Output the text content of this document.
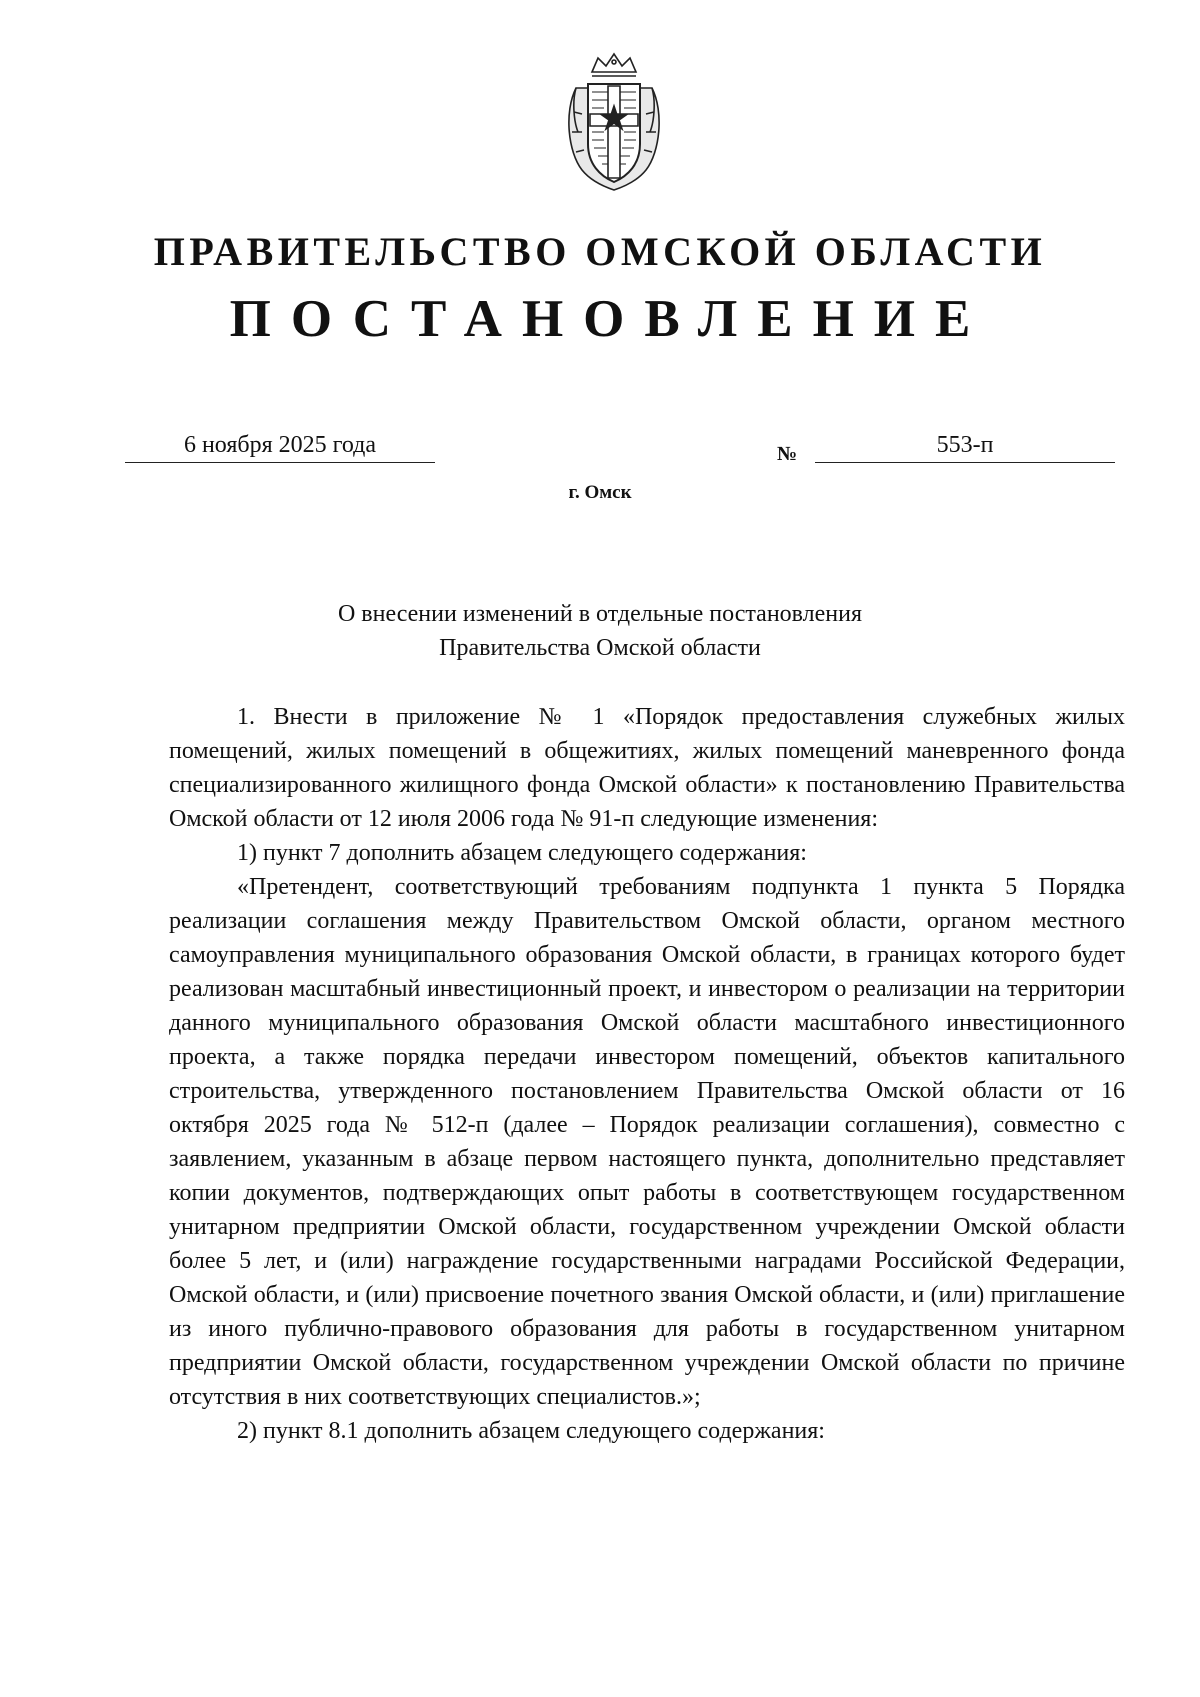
ПРАВИТЕЛЬСТВО ОМСКОЙ ОБЛАСТИ
ПОСТАНОВЛЕНИЕ
6 ноября 2025 года	№	553-п
г. Омск
О внесении изменений в отдельные постановления
Правительства Омской области

1. Внести в приложение № 1 «Порядок предоставления служебных жилых помещений, жилых помещений в общежитиях, жилых помещений маневренного фонда специализированного жилищного фонда Омской области» к постановлению Правительства Омской области от 12 июля 2006 года № 91-п следующие изменения:

1) пункт 7 дополнить абзацем следующего содержания:

«Претендент, соответствующий требованиям подпункта 1 пункта 5 Порядка реализации соглашения между Правительством Омской области, органом местного самоуправления муниципального образования Омской области, в границах которого будет реализован масштабный инвестиционный проект, и инвестором о реализации на территории данного муниципального образования Омской области масштабного инвестиционного проекта, а также порядка передачи инвестором помещений, объектов капитального строительства, утвержденного постановлением Правительства Омской области от 16 октября 2025 года № 512-п (далее – Порядок реализации соглашения), совместно с заявлением, указанным в абзаце первом настоящего пункта, дополнительно представляет копии документов, подтверждающих опыт работы в соответствующем государственном унитарном предприятии Омской области, государственном учреждении Омской области более 5 лет, и (или) награждение государственными наградами Российской Федерации, Омской области, и (или) присвоение почетного звания Омской области, и (или) приглашение из иного публично-правового образования для работы в государственном унитарном предприятии Омской области, государственном учреждении Омской области по причине отсутствия в них соответствующих специалистов.»;

2) пункт 8.1 дополнить абзацем следующего содержания:
